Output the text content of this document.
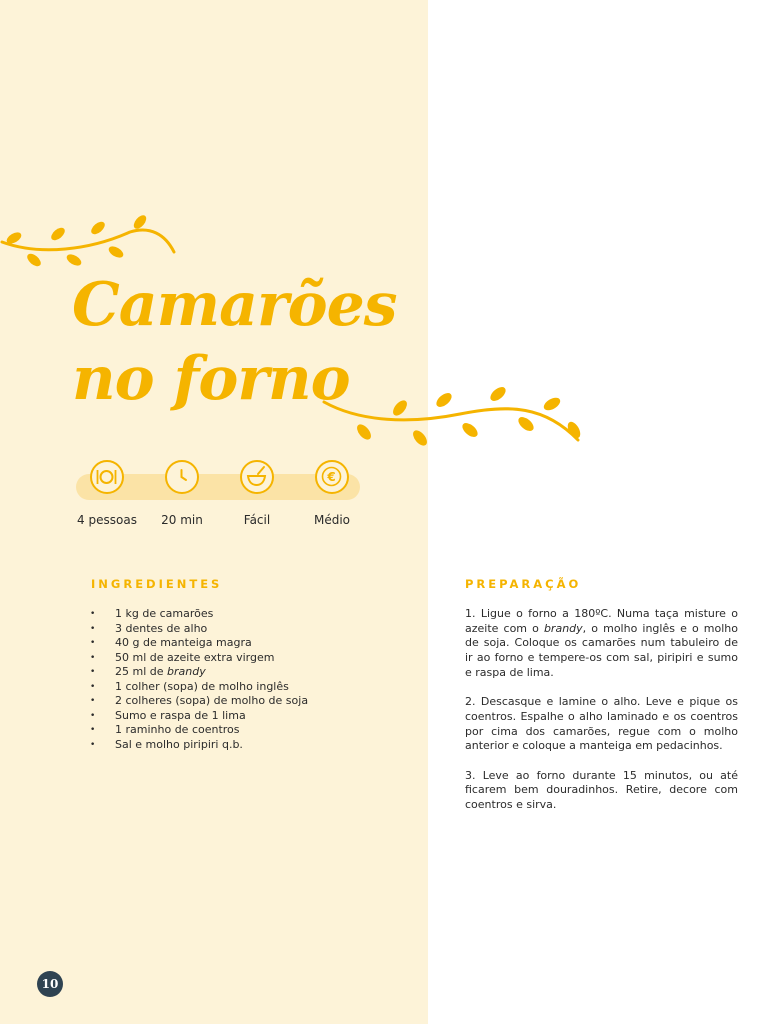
Camarões
no forno
4 pessoas	20 min	Fácil
€
Médio
INGREDIENTES
• 1 kg de camarões
• 3 dentes de alho
• 40 g de manteiga magra
• 50 ml de azeite extra virgem
• 25 ml de brandy
• 1 colher (sopa) de molho inglês
• 2 colheres (sopa) de molho de soja
• Sumo e raspa de 1 lima
• 1 raminho de coentros
• Sal e molho piripiri q.b.
PREPARAÇÃO

1. Ligue o forno a 180ºC. Numa taça misture o azeite com o brandy, o molho inglês e o molho de soja. Coloque os camarões num tabuleiro de ir ao forno e tempere-os com sal, piripiri e sumo e raspa de lima.

2. Descasque e lamine o alho. Leve e pique os coentros. Espalhe o alho laminado e os coentros por cima dos camarões, regue com o molho anterior e coloque a manteiga em pedacinhos.

3. Leve ao forno durante 15 minutos, ou até ficarem bem douradinhos. Retire, decore com coentros e sirva.

10
